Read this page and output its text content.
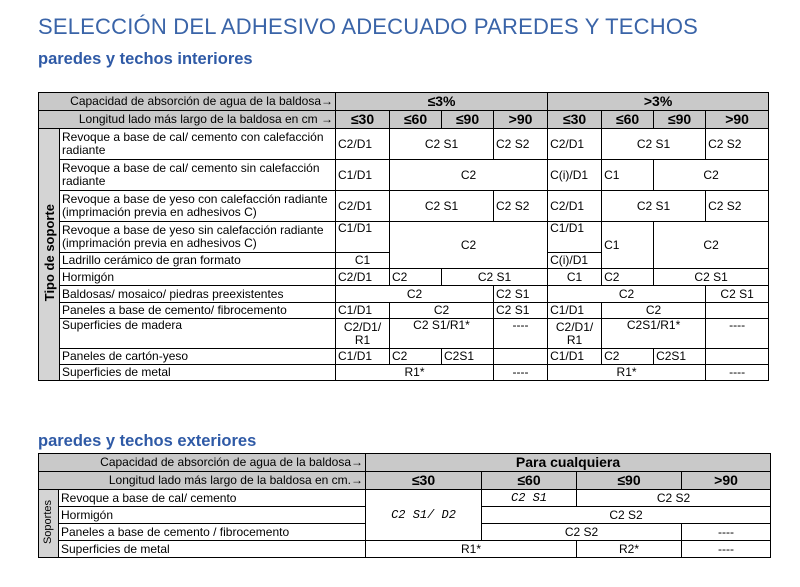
SELECCIÓN DEL ADHESIVO ADECUADO PAREDES Y TECHOS
paredes y techos interiores
Capacidad de absorción de agua de la baldosa→		≤3%				>3%			
Longitud lado más largo de la baldosa en cm →		≤30	≤60	≤90	>90	≤30	≤60	≤90	>90
Tipo de soporte	Revoque a base de cal/ cemento con calefacción radiante	C2/D1	C2 S1		C2 S2	C2/D1	C2 S1		C2 S2
	Revoque a base de cal/ cemento sin calefacción radiante	C1/D1	C2			C(i)/D1	C1	C2	
	Revoque a base de yeso con calefacción radiante (imprimación previa en adhesivos C)	C2/D1	C2 S1		C2 S2	C2/D1	C2 S1		C2 S2
	Revoque a base de yeso sin calefacción radiante (imprimación previa en adhesivos C)	C1/D1	C2			C1/D1	C1	C2	
	Ladrillo cerámico de gran formato	C1				C(i)/D1			
	Hormigón	C2/D1	C2	C2 S1		C1	C2	C2 S1	
	Baldosas/ mosaico/ piedras preexistentes	C2			C2 S1	C2			C2 S1
	Paneles a base de cemento/ fibrocemento	C1/D1	C2		C2 S1	C1/D1	C2		
	Superficies de madera	C2/D1/ R1	C2 S1/R1*		----	C2/D1/ R1	C2S1/R1*		----
	Paneles de cartón-yeso	C1/D1	C2	C2S1		C1/D1	C2	C2S1	
	Superficies de metal	R1*			----	R1*			----
paredes y techos exteriores
Capacidad de absorción de agua de la baldosa→		Para cualquiera			
Longitud lado más largo de la baldosa en cm.→		≤30	≤60	≤90	>90
Soportes	Revoque a base de cal/ cemento	C2 S1/ D2	C2 S1	C2 S2	
	Hormigón		C2 S2		
	Paneles a base de cemento / fibrocemento		C2 S2		----
	Superficies de metal	R1*		R2*	----
